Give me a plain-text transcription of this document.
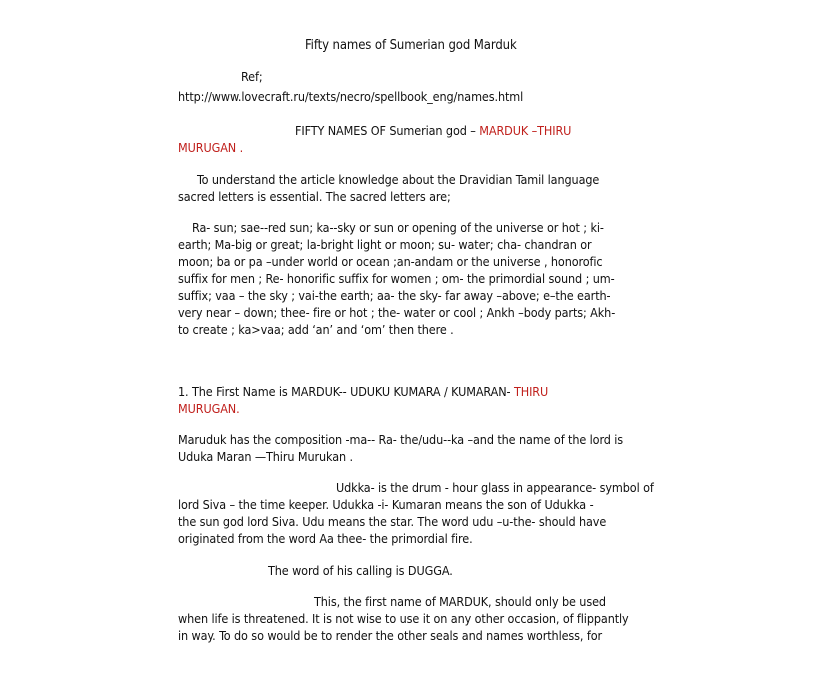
Fifty names of Sumerian god Marduk
Ref;
http://www.lovecraft.ru/texts/necro/spellbook_eng/names.html
FIFTY NAMES OF Sumerian god – MARDUK –THIRU
MURUGAN .
To understand the article knowledge about the Dravidian Tamil language
sacred letters is essential. The sacred letters are;
Ra- sun; sae--red sun; ka--sky or sun or opening of the universe or hot ; ki-
earth; Ma-big or great; la-bright light or moon; su- water; cha- chandran or
moon; ba or pa –under world or ocean ;an-andam or the universe , honorofic
suffix for men ; Re- honorific suffix for women ; om- the primordial sound ; um-
suffix; vaa – the sky ; vai-the earth; aa- the sky- far away –above; e–the earth-
very near – down; thee- fire or hot ; the- water or cool ; Ankh –body parts; Akh-
to create ; ka>vaa; add ‘an’ and ‘om’ then there .
1. The First Name is MARDUK-- UDUKU KUMARA / KUMARAN- THIRU
MURUGAN.
Maruduk has the composition -ma-- Ra- the/udu--ka –and the name of the lord is
Uduka Maran —Thiru Murukan .
Udkka- is the drum - hour glass in appearance- symbol of
lord Siva – the time keeper. Udukka -i- Kumaran means the son of Udukka -
the sun god lord Siva. Udu means the star. The word udu –u-the- should have
originated from the word Aa thee- the primordial fire.
The word of his calling is DUGGA.
This, the first name of MARDUK, should only be used
when life is threatened. It is not wise to use it on any other occasion, of flippantly
in way. To do so would be to render the other seals and names worthless, for
